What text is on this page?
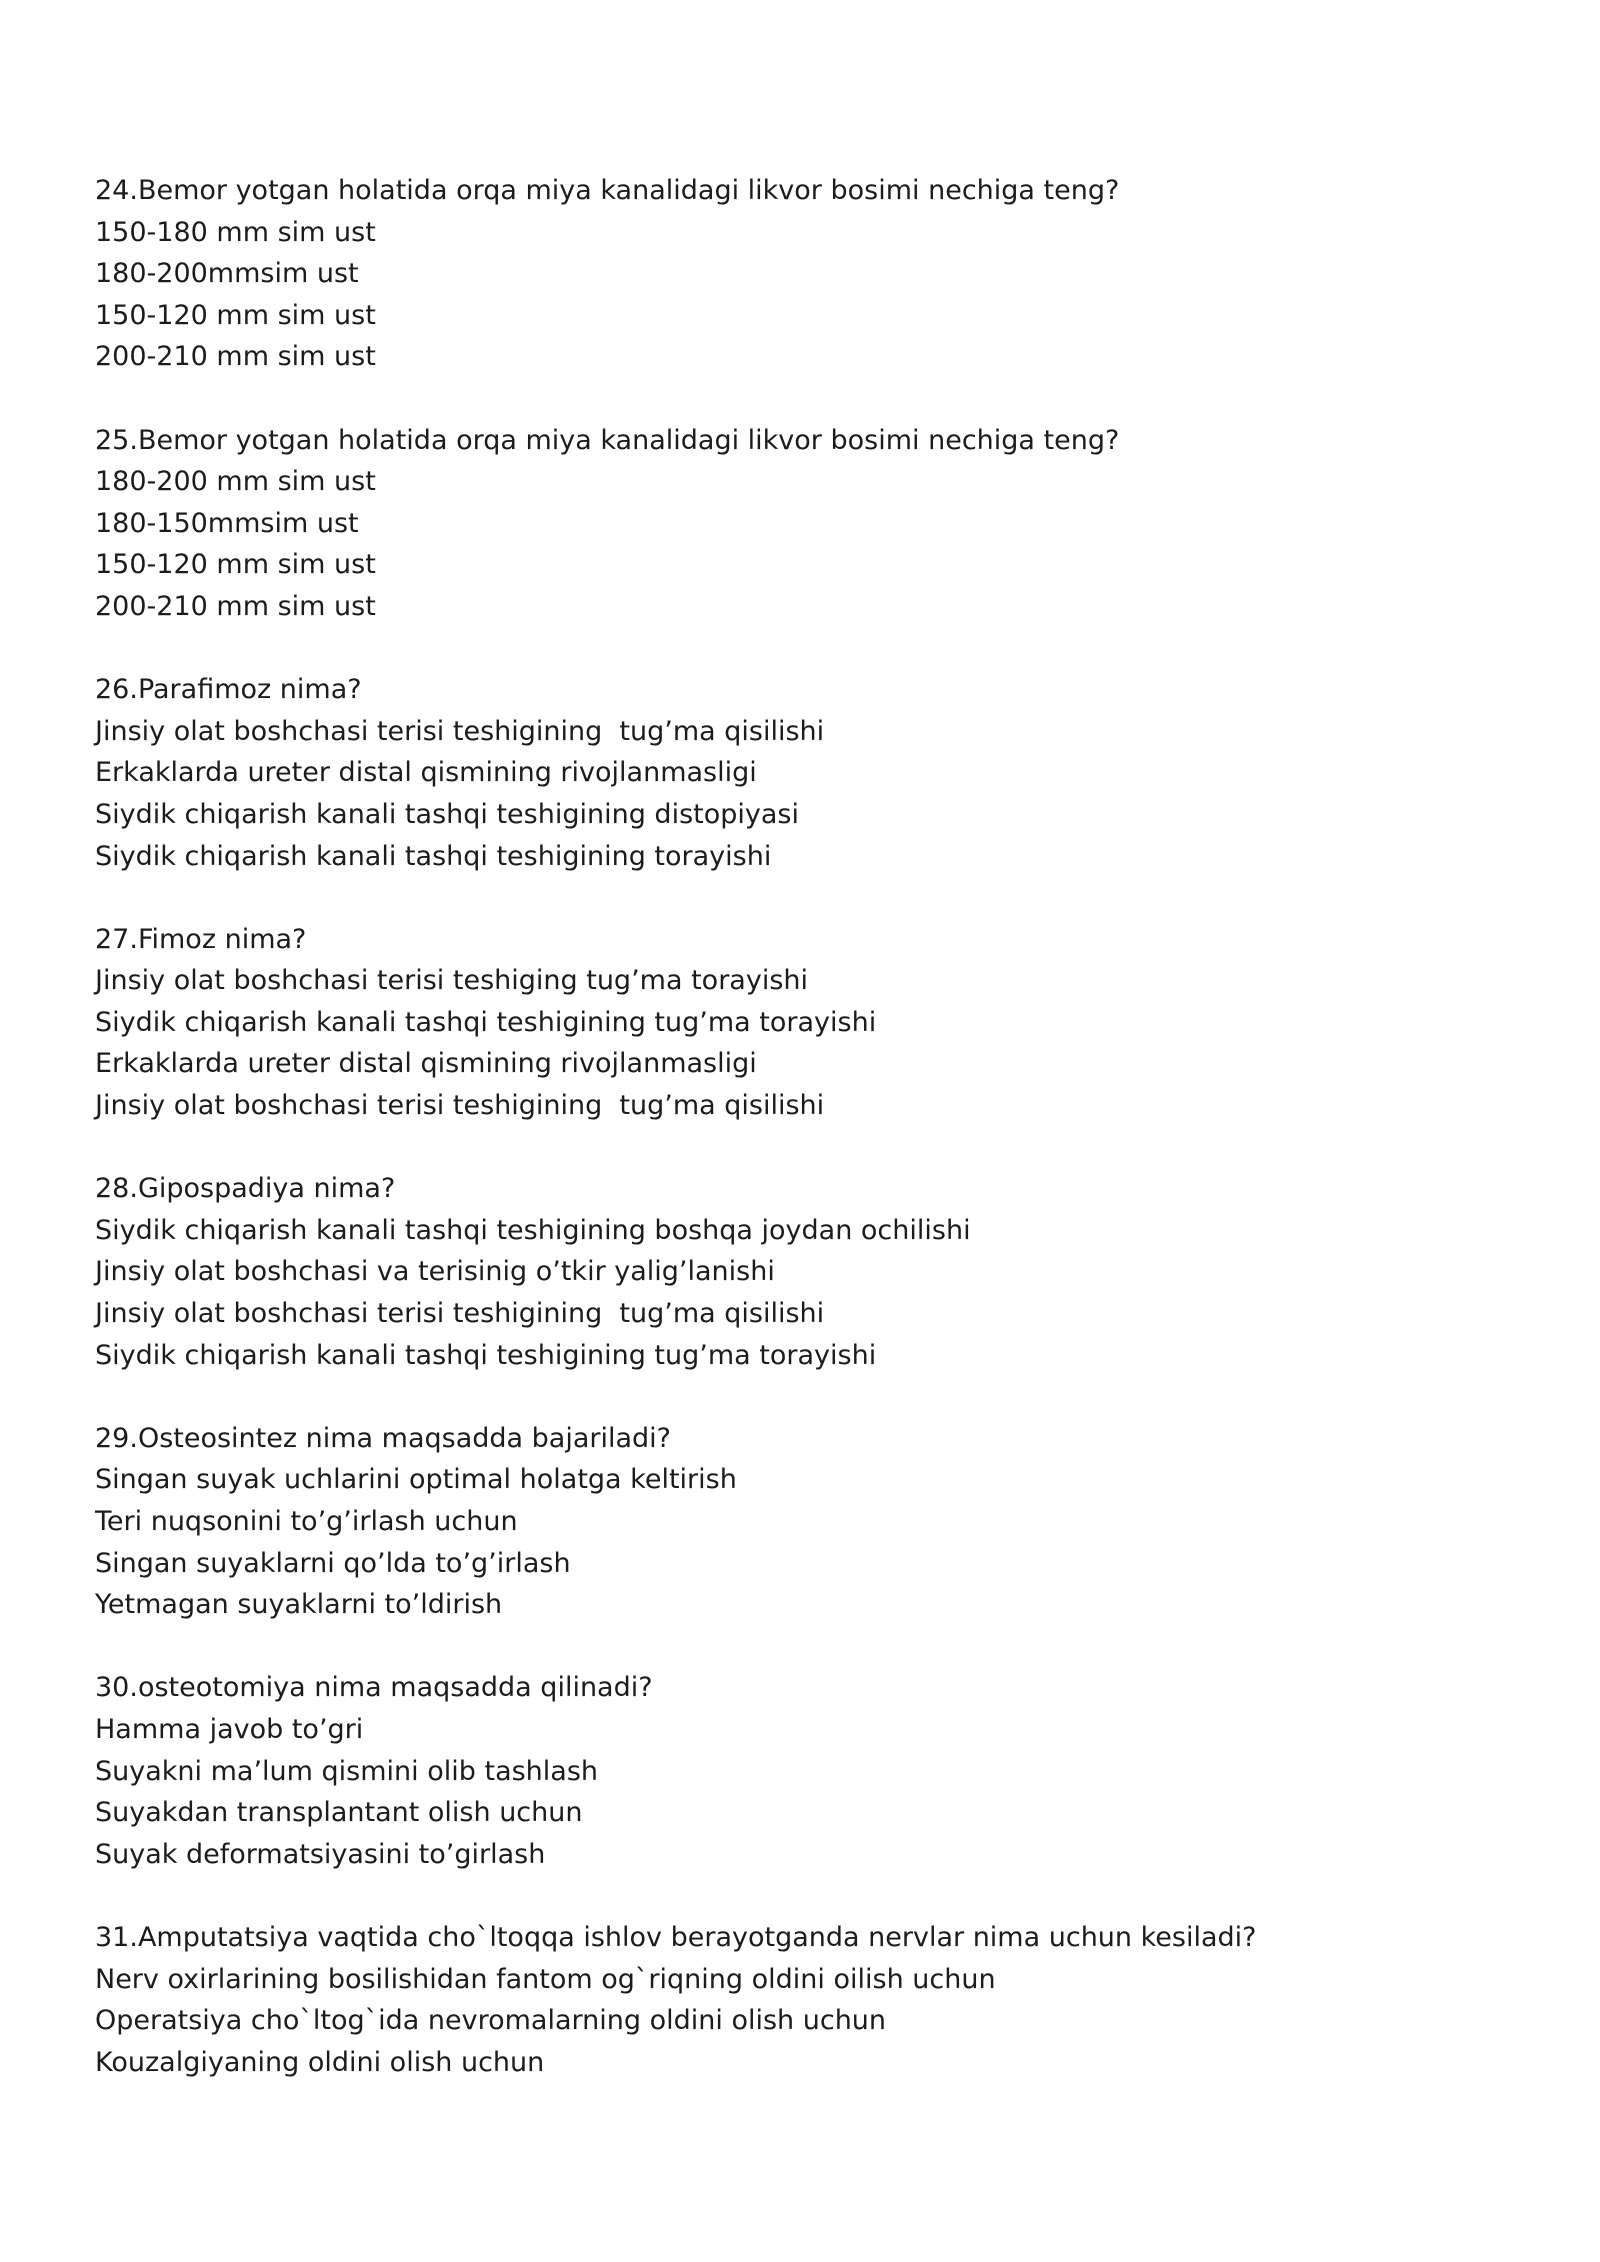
24.Bemor yotgan holatida orqa miya kanalidagi likvor bosimi nechiga teng?
150-180 mm sim ust
180-200mmsim ust
150-120 mm sim ust
200-210 mm sim ust
25.Bemor yotgan holatida orqa miya kanalidagi likvor bosimi nechiga teng?
180-200 mm sim ust
180-150mmsim ust
150-120 mm sim ust
200-210 mm sim ust
26.Parafimoz nima?
Jinsiy olat boshchasi terisi teshigining  tug’ma qisilishi
Erkaklarda ureter distal qismining rivojlanmasligi
Siydik chiqarish kanali tashqi teshigining distopiyasi
Siydik chiqarish kanali tashqi teshigining torayishi
27.Fimoz nima?
Jinsiy olat boshchasi terisi teshiging tug’ma torayishi
Siydik chiqarish kanali tashqi teshigining tug’ma torayishi
Erkaklarda ureter distal qismining rivojlanmasligi
Jinsiy olat boshchasi terisi teshigining  tug’ma qisilishi
28.Gipospadiya nima?
Siydik chiqarish kanali tashqi teshigining boshqa joydan ochilishi
Jinsiy olat boshchasi va terisinig o’tkir yalig’lanishi
Jinsiy olat boshchasi terisi teshigining  tug’ma qisilishi
Siydik chiqarish kanali tashqi teshigining tug’ma torayishi
29.Osteosintez nima maqsadda bajariladi?
Singan suyak uchlarini optimal holatga keltirish
Teri nuqsonini to’g’irlash uchun
Singan suyaklarni qo’lda to’g’irlash
Yetmagan suyaklarni to’ldirish
30.osteotomiya nima maqsadda qilinadi?
Hamma javob to’gri
Suyakni ma’lum qismini olib tashlash
Suyakdan transplantant olish uchun
Suyak deformatsiyasini to’girlash
31.Amputatsiya vaqtida cho`ltoqqa ishlov berayotganda nervlar nima uchun kesiladi?
Nerv oxirlarining bosilishidan fantom og`riqning oldini oilish uchun
Operatsiya cho`ltog`ida nevromalarning oldini olish uchun
Kouzalgiyaning oldini olish uchun
